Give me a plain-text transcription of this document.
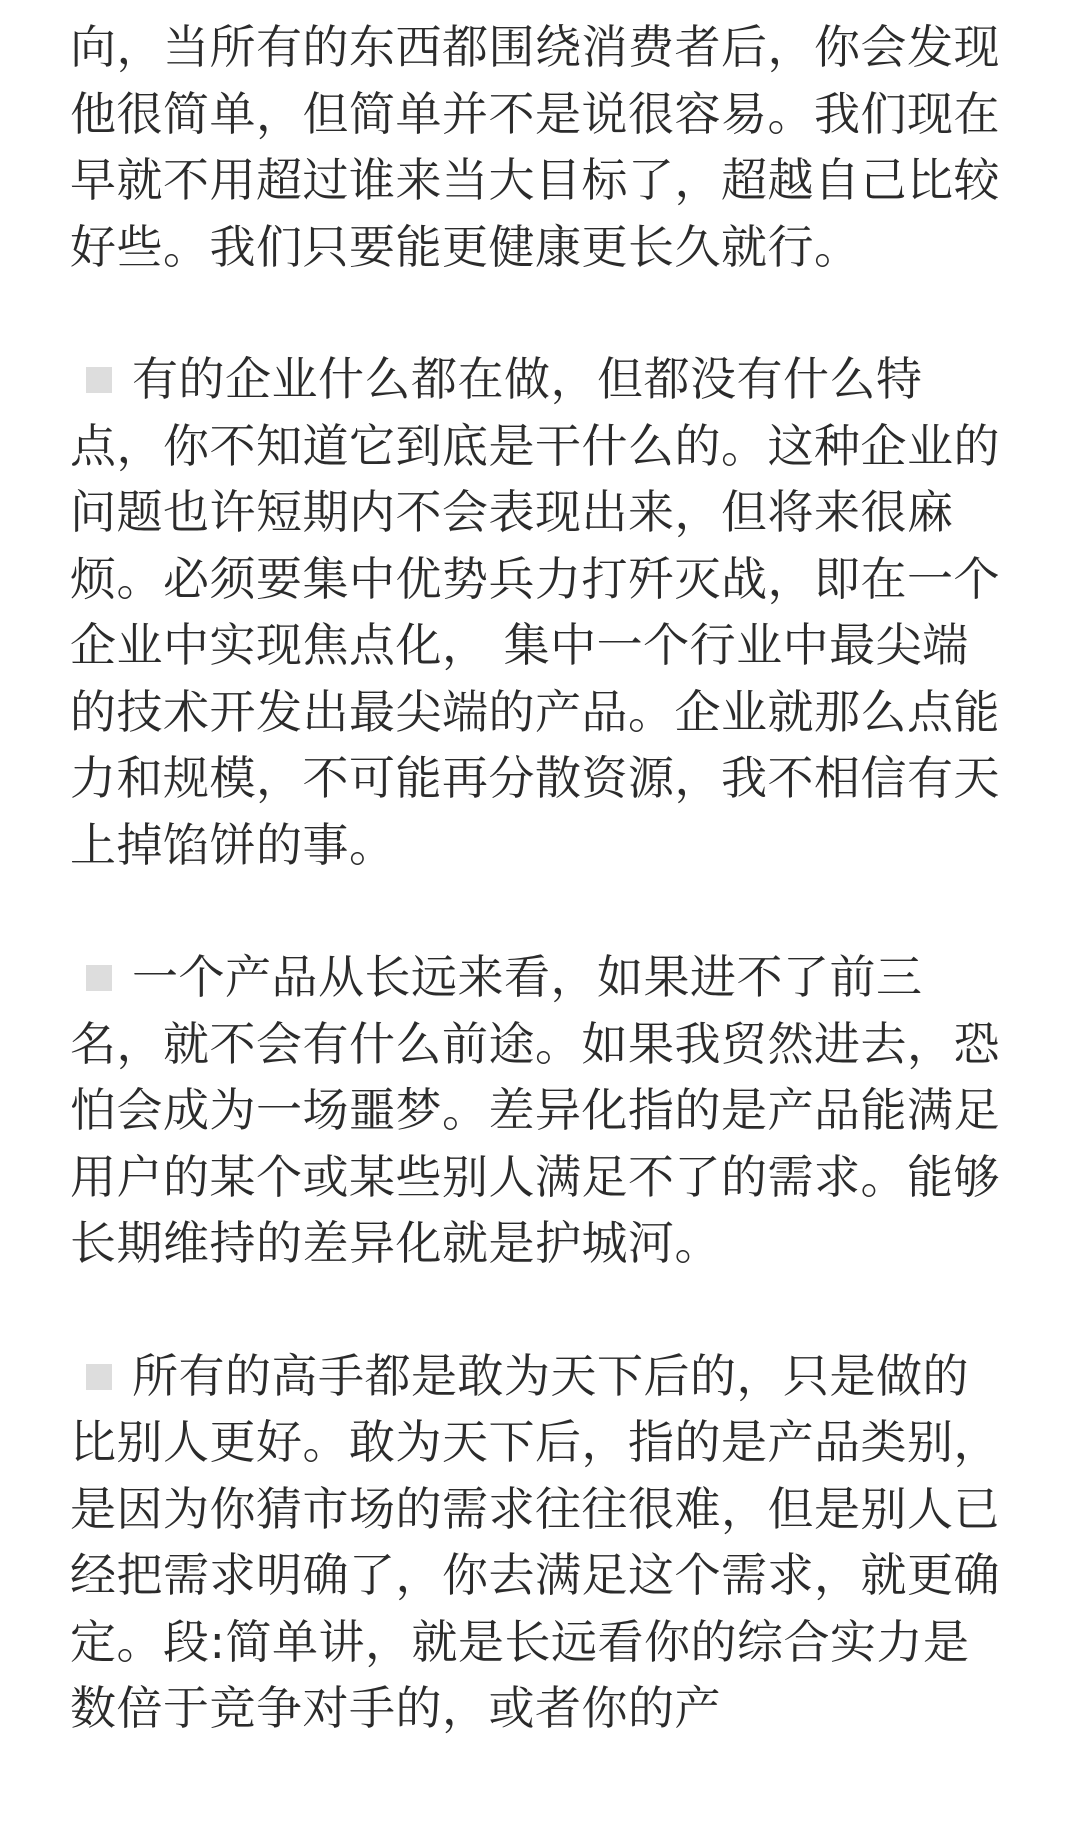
向，当所有的东西都围绕消费者后，你会发现他很简单，但简单并不是说很容易。我们现在早就不用超过谁来当大目标了，超越自己比较好些。我们只要能更健康更长久就行。

有的企业什么都在做，但都没有什么特点，你不知道它到底是干什么的。这种企业的问题也许短期内不会表现出来，但将来很麻烦。必须要集中优势兵力打歼灭战，即在一个企业中实现焦点化， 集中一个行业中最尖端的技术开发出最尖端的产品。企业就那么点能力和规模，不可能再分散资源，我不相信有天上掉馅饼的事。

一个产品从长远来看，如果进不了前三名，就不会有什么前途。如果我贸然进去，恐怕会成为一场噩梦。差异化指的是产品能满足用户的某个或某些别人满足不了的需求。能够长期维持的差异化就是护城河。

所有的高手都是敢为天下后的，只是做的比别人更好。敢为天下后，指的是产品类别，是因为你猜市场的需求往往很难，但是别人已经把需求明确了，你去满足这个需求，就更确定。段:简单讲，就是长远看你的综合实力是数倍于竞争对手的，或者你的产
